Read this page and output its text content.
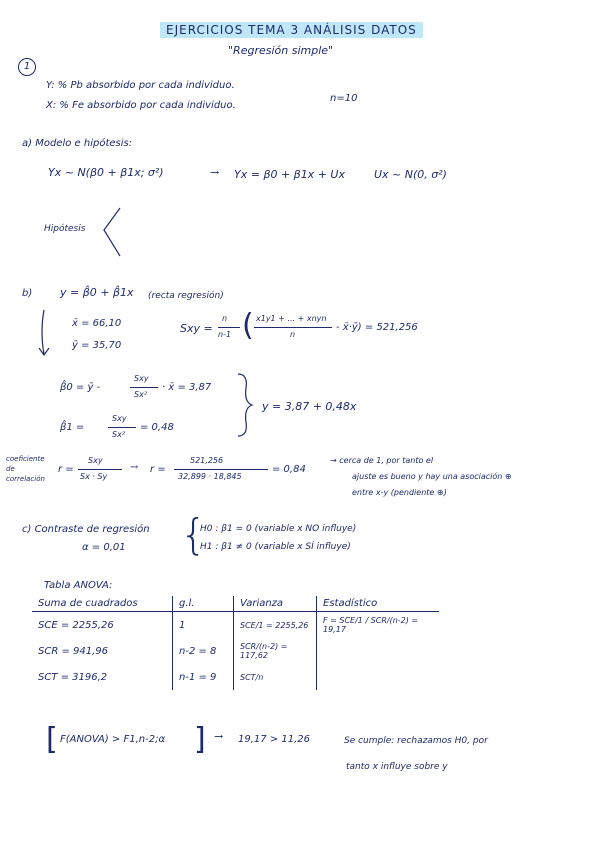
EJERCICIOS TEMA 3 ANÁLISIS DATOS
"Regresión simple"
1
Y: % Pb absorbido por cada individuo.
X: % Fe absorbido por cada individuo.
n=10
a) Modelo e hipótesis:
Yx ~ N(β0 + β1x; σ²)	→ Yx = β0 + β1x + Ux	Ux ~ N(0, σ²)
Hipótesis
b)	y = β̂0 + β̂1x (recta regresión)
x̄ = 66,10
ȳ = 35,70
Sxy =
n
n-1 ( x1y1 + ... + xnyn
n
- x̄·ȳ) = 521,256
β̂0 = ȳ -
Sxy
Sx²
· x̄ = 3,87
β̂1 =
Sxy
Sx²
= 0,48
y = 3,87 + 0,48x
coeficiente de correlación
r =
Sxy
Sx · Sy
→ r =
521,256
32,899 · 18,845
= 0,84
→ cerca de 1, por tanto el
ajuste es bueno y hay una asociación ⊕
entre x-y (pendiente ⊕)
c) Contraste de regresión
α = 0,01 {
H0 : β1 = 0 (variable x NO influye)
H1 : β1 ≠ 0 (variable x SÍ influye)
Tabla ANOVA:
Suma de cuadrados	g.l.	Varianza	Estadístico
SCE = 2255,26	1	SCE/1 = 2255,26	F = SCE/1 / SCR/(n-2) = 19,17
SCR = 941,96	n-2 = 8	SCR/(n-2) = 117,62	
SCT = 3196,2	n-1 = 9	SCT/n	
[ F(ANOVA) > F1,n-2;α ] → 19,17 > 11,26	Se cumple: rechazamos H0, por
tanto x influye sobre y
